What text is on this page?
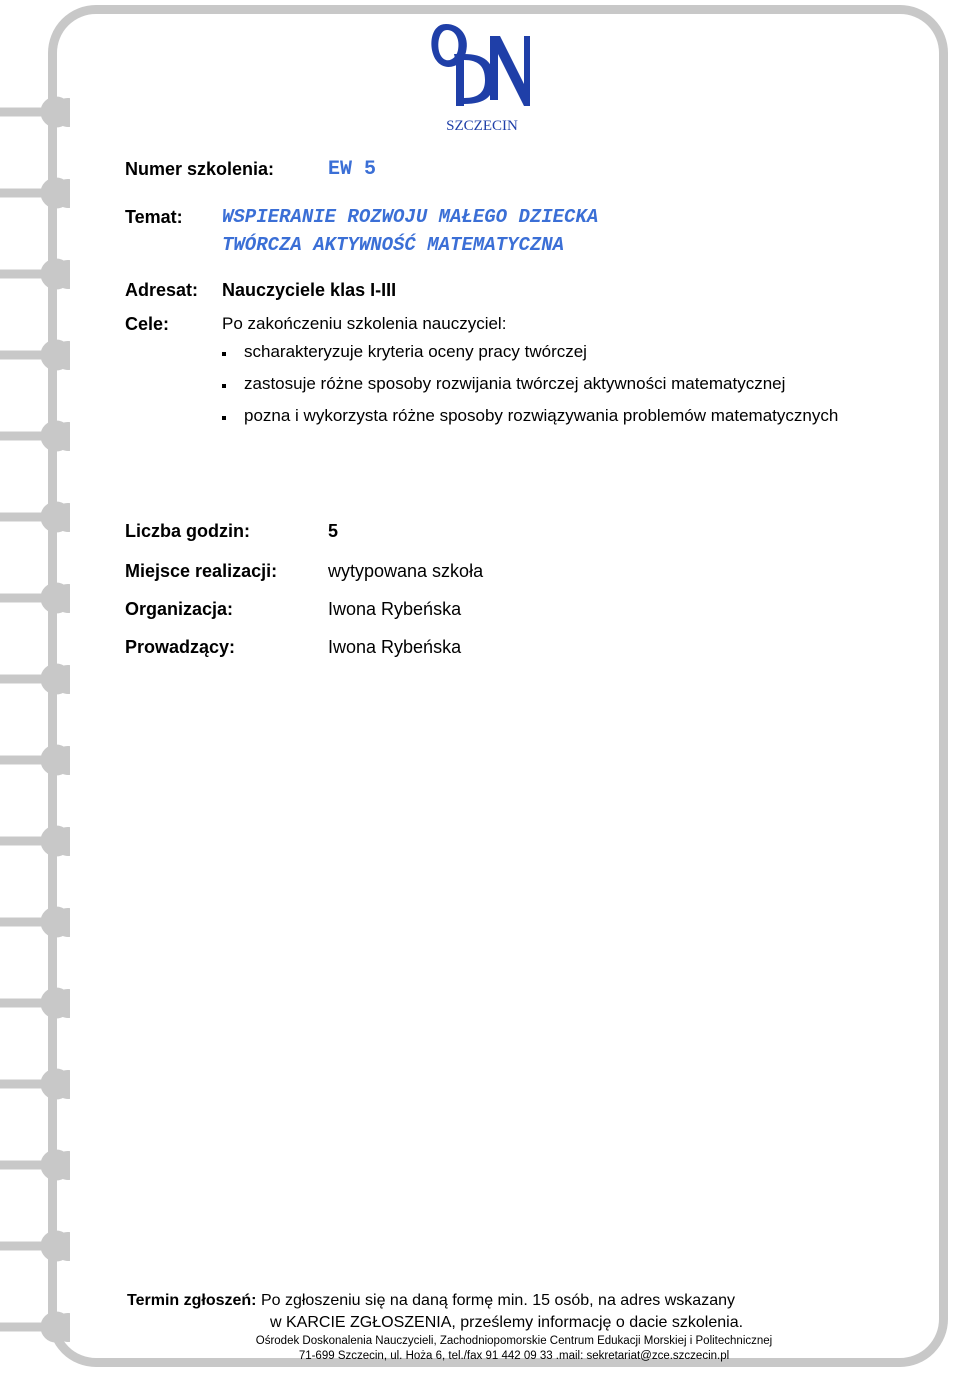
SZCZECIN
Numer szkolenia:	EW 5
Temat: WSPIERANIE ROZWOJU MAŁEGO DZIECKA
TWÓRCZA AKTYWNOŚĆ MATEMATYCZNA
Adresat: Nauczyciele klas I-III
Cele:	Po zakończeniu szkolenia nauczyciel:
scharakteryzuje kryteria oceny pracy twórczej
zastosuje różne sposoby rozwijania twórczej aktywności matematycznej
pozna i wykorzysta różne sposoby rozwiązywania problemów matematycznych
Liczba godzin:	5
Miejsce realizacji:	wytypowana szkoła
Organizacja:	Iwona Rybeńska
Prowadzący:	Iwona Rybeńska
Termin zgłoszeń: Po zgłoszeniu się na daną formę min. 15 osób, na adres wskazany
w KARCIE ZGŁOSZENIA, prześlemy informację o dacie szkolenia.
Ośrodek Doskonalenia Nauczycieli, Zachodniopomorskie Centrum Edukacji Morskiej i Politechnicznej
71-699 Szczecin, ul. Hoża 6, tel./fax 91 442 09 33 .mail: sekretariat@zce.szczecin.pl
